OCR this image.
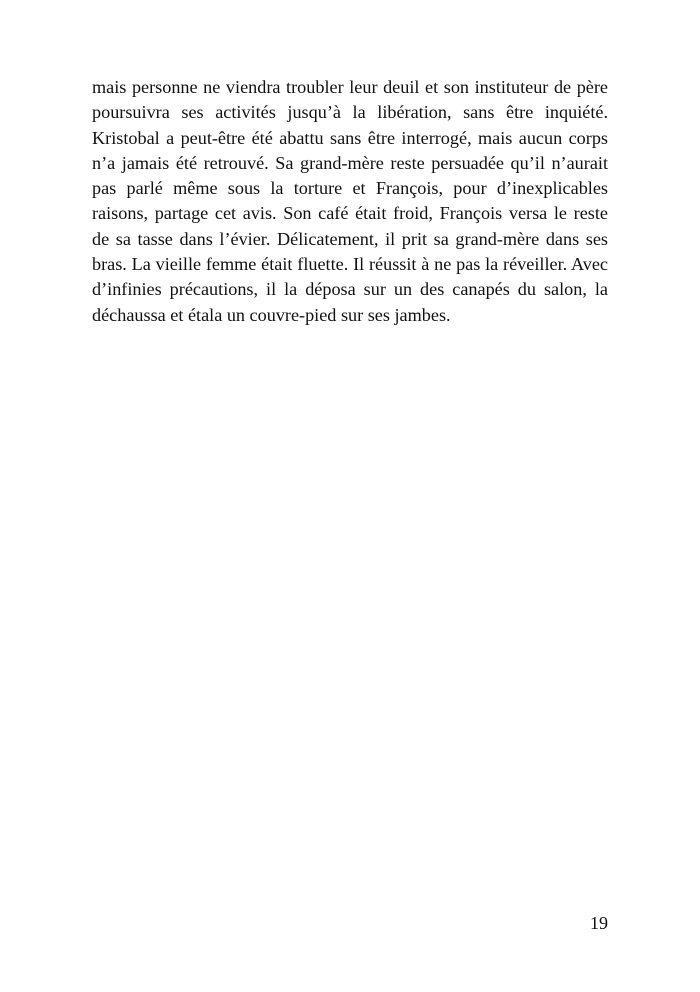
mais personne ne viendra troubler leur deuil et son instituteur de père
poursuivra ses activités jusqu’à la libération, sans être inquiété.
Kristobal a peut-être été abattu sans être interrogé, mais aucun corps
n’a jamais été retrouvé. Sa grand-mère reste persuadée qu’il n’aurait
pas parlé même sous la torture et François, pour d’inexplicables
raisons, partage cet avis. Son café était froid, François versa le reste
de sa tasse dans l’évier. Délicatement, il prit sa grand-mère dans ses
bras. La vieille femme était fluette. Il réussit à ne pas la réveiller. Avec
d’infinies précautions, il la déposa sur un des canapés du salon, la
déchaussa et étala un couvre-pied sur ses jambes.

19
